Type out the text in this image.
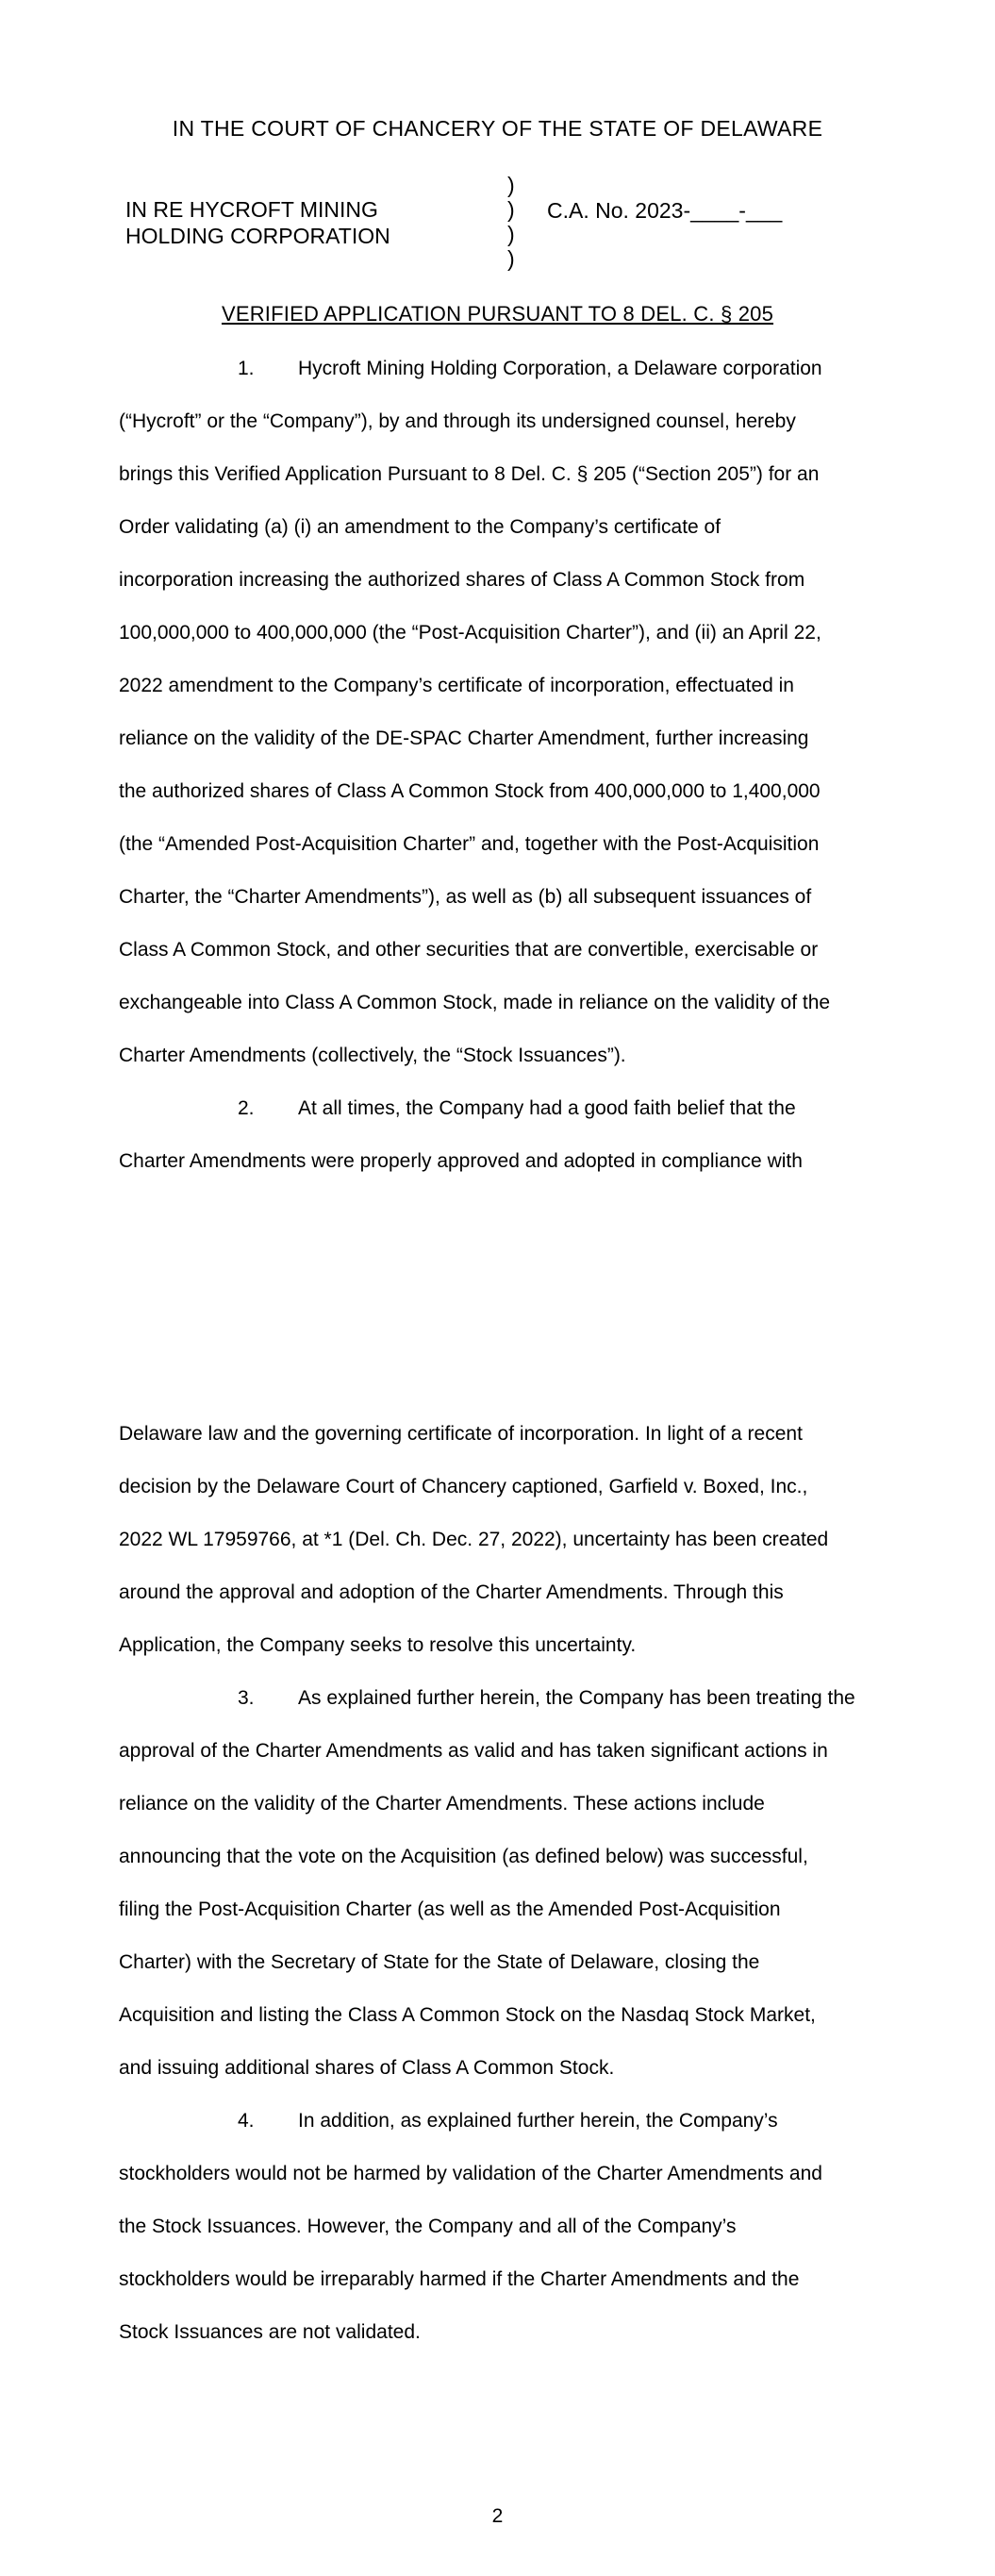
IN THE COURT OF CHANCERY OF THE STATE OF DELAWARE
IN RE HYCROFT MINING
HOLDING CORPORATION
)
)
)
)
C.A. No. 2023-____-___
VERIFIED APPLICATION PURSUANT TO 8 DEL. C. § 205
1. Hycroft Mining Holding Corporation, a Delaware corporation
(“Hycroft” or the “Company”), by and through its undersigned counsel, hereby
brings this Verified Application Pursuant to 8 Del. C. § 205 (“Section 205”) for an
Order validating (a) (i) an amendment to the Company’s certificate of
incorporation increasing the authorized shares of Class A Common Stock from
100,000,000 to 400,000,000 (the “Post-Acquisition Charter”), and (ii) an April 22,
2022 amendment to the Company’s certificate of incorporation, effectuated in
reliance on the validity of the DE-SPAC Charter Amendment, further increasing
the authorized shares of Class A Common Stock from 400,000,000 to 1,400,000
(the “Amended Post-Acquisition Charter” and, together with the Post-Acquisition
Charter, the “Charter Amendments”), as well as (b) all subsequent issuances of
Class A Common Stock, and other securities that are convertible, exercisable or
exchangeable into Class A Common Stock, made in reliance on the validity of the
Charter Amendments (collectively, the “Stock Issuances”).
2. At all times, the Company had a good faith belief that the
Charter Amendments were properly approved and adopted in compliance with
Delaware law and the governing certificate of incorporation. In light of a recent
decision by the Delaware Court of Chancery captioned, Garfield v. Boxed, Inc.,
2022 WL 17959766, at *1 (Del. Ch. Dec. 27, 2022), uncertainty has been created
around the approval and adoption of the Charter Amendments. Through this
Application, the Company seeks to resolve this uncertainty.
3. As explained further herein, the Company has been treating the
approval of the Charter Amendments as valid and has taken significant actions in
reliance on the validity of the Charter Amendments. These actions include
announcing that the vote on the Acquisition (as defined below) was successful,
filing the Post-Acquisition Charter (as well as the Amended Post-Acquisition
Charter) with the Secretary of State for the State of Delaware, closing the
Acquisition and listing the Class A Common Stock on the Nasdaq Stock Market,
and issuing additional shares of Class A Common Stock.
4. In addition, as explained further herein, the Company’s
stockholders would not be harmed by validation of the Charter Amendments and
the Stock Issuances. However, the Company and all of the Company’s
stockholders would be irreparably harmed if the Charter Amendments and the
Stock Issuances are not validated.
2
